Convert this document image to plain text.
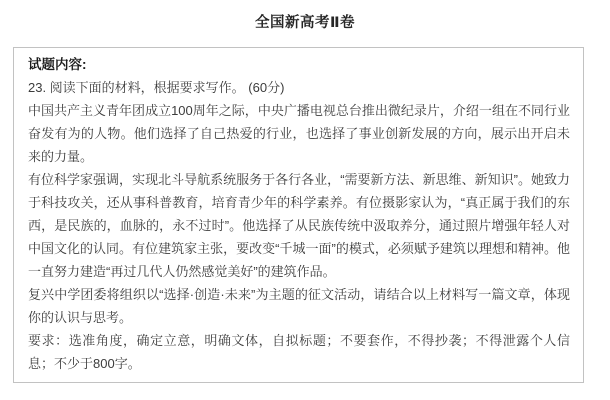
全国新高考Ⅱ卷
试题内容:

23. 阅读下面的材料，根据要求写作。 (60分)

中国共产主义青年团成立100周年之际，中央广播电视总台推出微纪录片，介绍一组在不同行业奋发有为的人物。他们选择了自己热爱的行业，也选择了事业创新发展的方向，展示出开启未来的力量。

有位科学家强调，实现北斗导航系统服务于各行各业，“需要新方法、新思维、新知识”。她致力于科技攻关，还从事科普教育，培育青少年的科学素养。有位摄影家认为，“真正属于我们的东西，是民族的，血脉的，永不过时”。他选择了从民族传统中汲取养分，通过照片增强年轻人对中国文化的认同。有位建筑家主张，要改变“千城一面”的模式，必须赋予建筑以理想和精神。他一直努力建造“再过几代人仍然感觉美好”的建筑作品。

复兴中学团委将组织以“选择·创造·未来”为主题的征文活动，请结合以上材料写一篇文章，体现你的认识与思考。

要求：选准角度，确定立意，明确文体，自拟标题；不要套作，不得抄袭；不得泄露个人信息；不少于800字。
